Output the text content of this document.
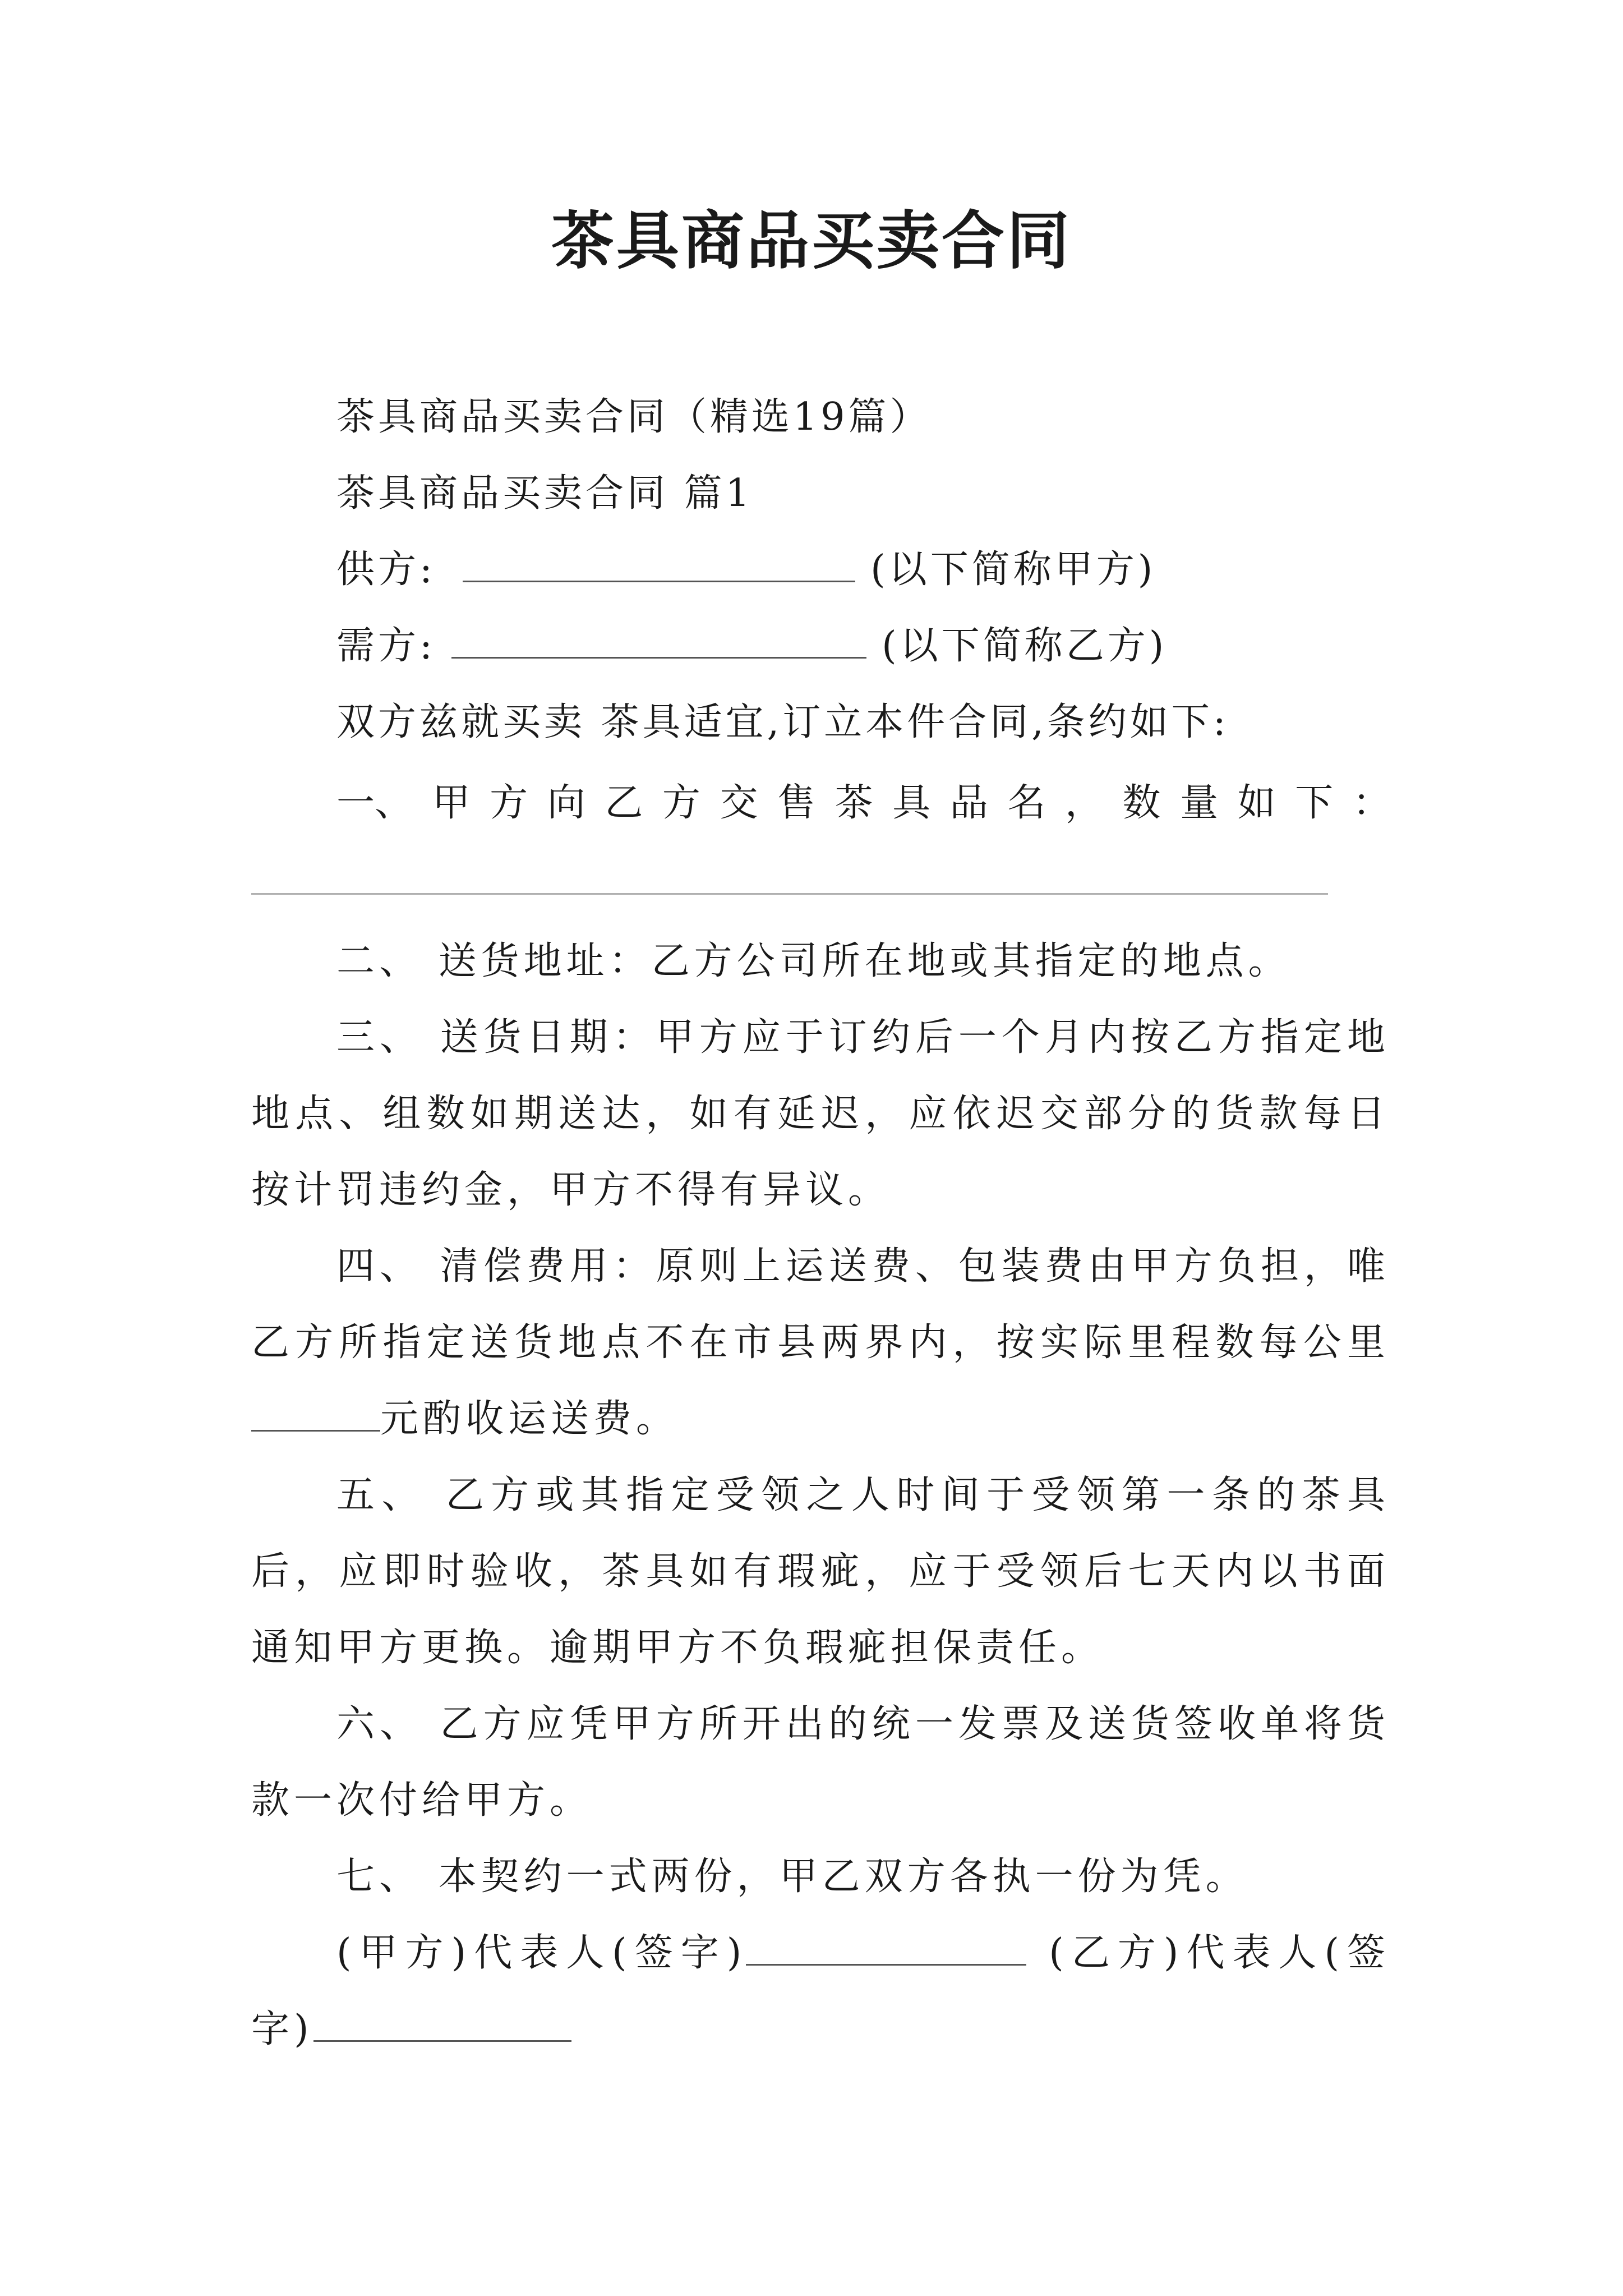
茶具商品买卖合同
茶具商品买卖合同（精选19篇）
茶具商品买卖合同 篇1
供方:	(以下简称甲方)
需方:	(以下简称乙方)
双方兹就买卖 茶具适宜,订立本件合同,条约如下:
一、 甲 方 向 乙 方 交 售 茶 具 品 名 ， 数 量 如 下 ：
二、 送货地址：乙方公司所在地或其指定的地点。
三、 送货日期：甲方应于订约后一个月内按乙方指定地地点、组数如期送达，如有延迟，应依迟交部分的货款每日按计罚违约金，甲方不得有异议。
四、 清偿费用：原则上运送费、包装费由甲方负担，唯乙方所指定送货地点不在市县两界内，按实际里程数每公里元酌收运送费。
五、 乙方或其指定受领之人时间于受领第一条的茶具后，应即时验收，茶具如有瑕疵，应于受领后七天内以书面通知甲方更换。逾期甲方不负瑕疵担保责任。
六、 乙方应凭甲方所开出的统一发票及送货签收单将货款一次付给甲方。
七、 本契约一式两份，甲乙双方各执一份为凭。
(甲方)代表人(签字)	(乙方)代表人(签字)
